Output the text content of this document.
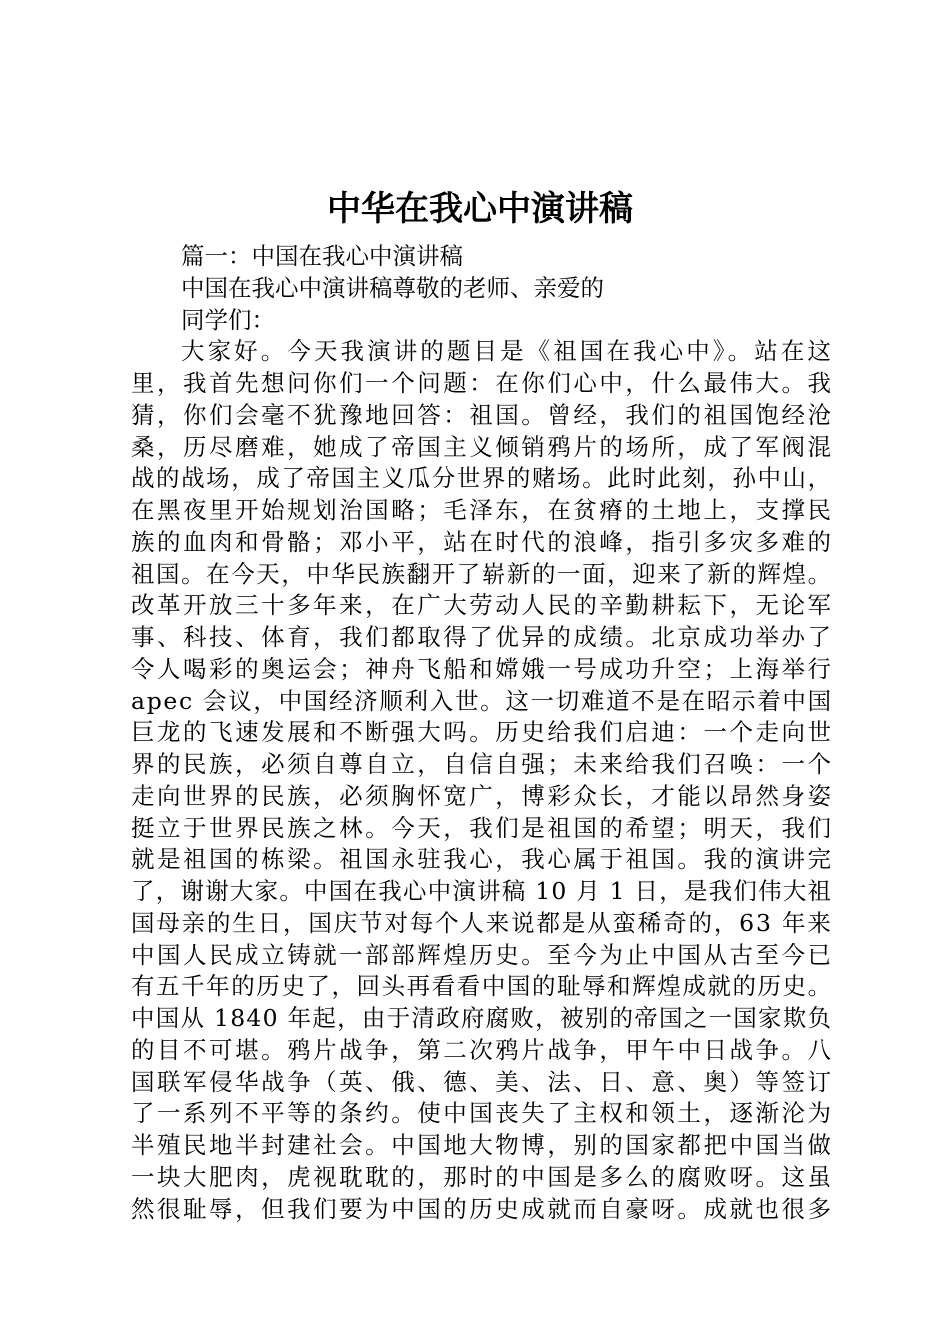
中华在我心中演讲稿
篇一：中国在我心中演讲稿
中国在我心中演讲稿尊敬的老师、亲爱的
同学们：
大家好。今天我演讲的题目是《祖国在我心中》。站在这
里，我首先想问你们一个问题：在你们心中，什么最伟大。我
猜，你们会毫不犹豫地回答：祖国。曾经，我们的祖国饱经沧
桑，历尽磨难，她成了帝国主义倾销鸦片的场所，成了军阀混
战的战场，成了帝国主义瓜分世界的赌场。此时此刻，孙中山，
在黑夜里开始规划治国略；毛泽东，在贫瘠的土地上，支撑民
族的血肉和骨骼；邓小平，站在时代的浪峰，指引多灾多难的
祖国。在今天，中华民族翻开了崭新的一面，迎来了新的辉煌。
改革开放三十多年来，在广大劳动人民的辛勤耕耘下，无论军
事、科技、体育，我们都取得了优异的成绩。北京成功举办了
令人喝彩的奥运会；神舟飞船和嫦娥一号成功升空；上海举行
apec 会议，中国经济顺利入世。这一切难道不是在昭示着中国
巨龙的飞速发展和不断强大吗。历史给我们启迪：一个走向世
界的民族，必须自尊自立，自信自强；未来给我们召唤：一个
走向世界的民族，必须胸怀宽广，博彩众长，才能以昂然身姿
挺立于世界民族之林。今天，我们是祖国的希望；明天，我们
就是祖国的栋梁。祖国永驻我心，我心属于祖国。我的演讲完
了，谢谢大家。中国在我心中演讲稿 10 月 1 日，是我们伟大祖
国母亲的生日，国庆节对每个人来说都是从蛮稀奇的，63 年来
中国人民成立铸就一部部辉煌历史。至今为止中国从古至今已
有五千年的历史了，回头再看看中国的耻辱和辉煌成就的历史。
中国从 1840 年起，由于清政府腐败，被别的帝国之一国家欺负
的目不可堪。鸦片战争，第二次鸦片战争，甲午中日战争。八
国联军侵华战争（英、俄、德、美、法、日、意、奥）等签订
了一系列不平等的条约。使中国丧失了主权和领土，逐渐沦为
半殖民地半封建社会。中国地大物博，别的国家都把中国当做
一块大肥肉，虎视耽耽的，那时的中国是多么的腐败呀。这虽
然很耻辱，但我们要为中国的历史成就而自豪呀。成就也很多
